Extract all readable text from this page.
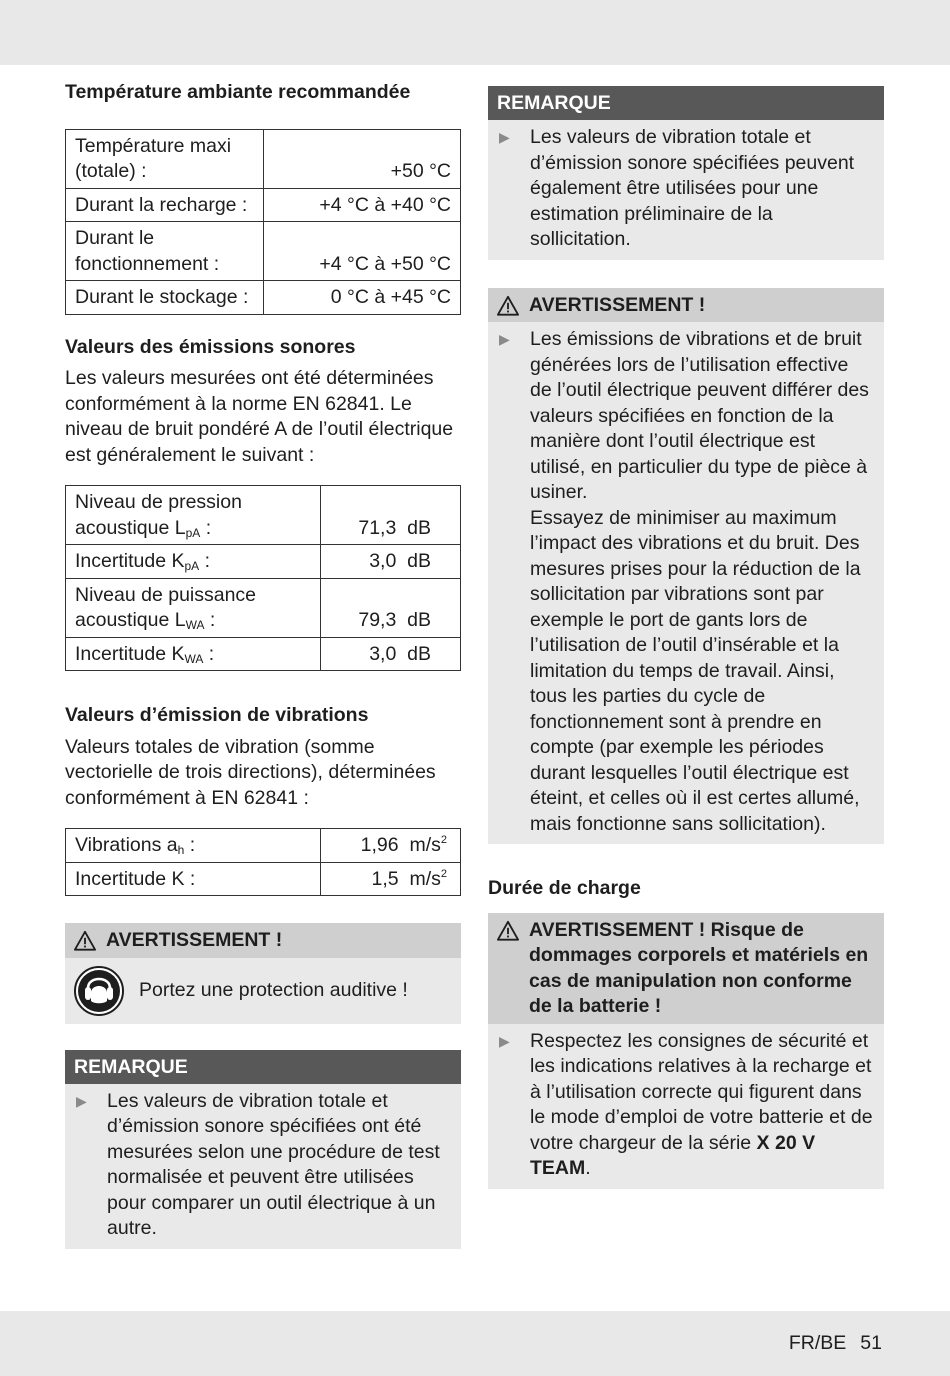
Température ambiante recommandée
Température maxi (totale) :	+50 °C
Durant la recharge :	+4 °C à +40 °C
Durant le fonctionnement :	+4 °C à +50 °C
Durant le stockage :	0 °C à +45 °C
Valeurs des émissions sonores
Les valeurs mesurées ont été déterminées conformément à la norme EN 62841. Le niveau de bruit pondéré A de l’outil électrique est généralement le suivant :
Niveau de pression acoustique $L_{pA}$ :	71,3 dB
Incertitude $K_{pA}$ :	3,0 dB
Niveau de puissance acoustique $L_{WA}$ :	79,3 dB
Incertitude $K_{WA}$ :	3,0 dB
Valeurs d’émission de vibrations
Valeurs totales de vibration (somme vectorielle de trois directions), déterminées conformément à EN 62841 :
Vibrations $a_h$ :	1,96 $m/s^2$
Incertitude K :	1,5 $m/s^2$
AVERTISSEMENT !
Portez une protection auditive !
REMARQUE
▶	Les valeurs de vibration totale et d’émission sonore spécifiées ont été mesurées selon une procédure de test normalisée et peuvent être utilisées pour comparer un outil électrique à un autre.
REMARQUE
▶	Les valeurs de vibration totale et d’émission sonore spécifiées peuvent également être utilisées pour une estimation préliminaire de la sollicitation.
AVERTISSEMENT !
▶	Les émissions de vibrations et de bruit générées lors de l’utilisation effective de l’outil électrique peuvent différer des valeurs spécifiées en fonction de la manière dont l’outil électrique est utilisé, en particulier du type de pièce à usiner.
Essayez de minimiser au maximum l’impact des vibrations et du bruit. Des mesures prises pour la réduction de la sollicitation par vibrations sont par exemple le port de gants lors de l’utilisation de l’outil d’insérable et la limitation du temps de travail. Ainsi, tous les parties du cycle de fonctionnement sont à prendre en compte (par exemple les périodes durant lesquelles l’outil électrique est éteint, et celles où il est certes allumé, mais fonctionne sans sollicitation).
Durée de charge
AVERTISSEMENT ! Risque de dommages corporels et matériels en cas de manipulation non conforme de la batterie !
▶	Respectez les consignes de sécurité et les indications relatives à la recharge et à l’utilisation correcte qui figurent dans le mode d’emploi de votre batterie et de votre chargeur de la série X 20 V TEAM.
FR/BE 51
